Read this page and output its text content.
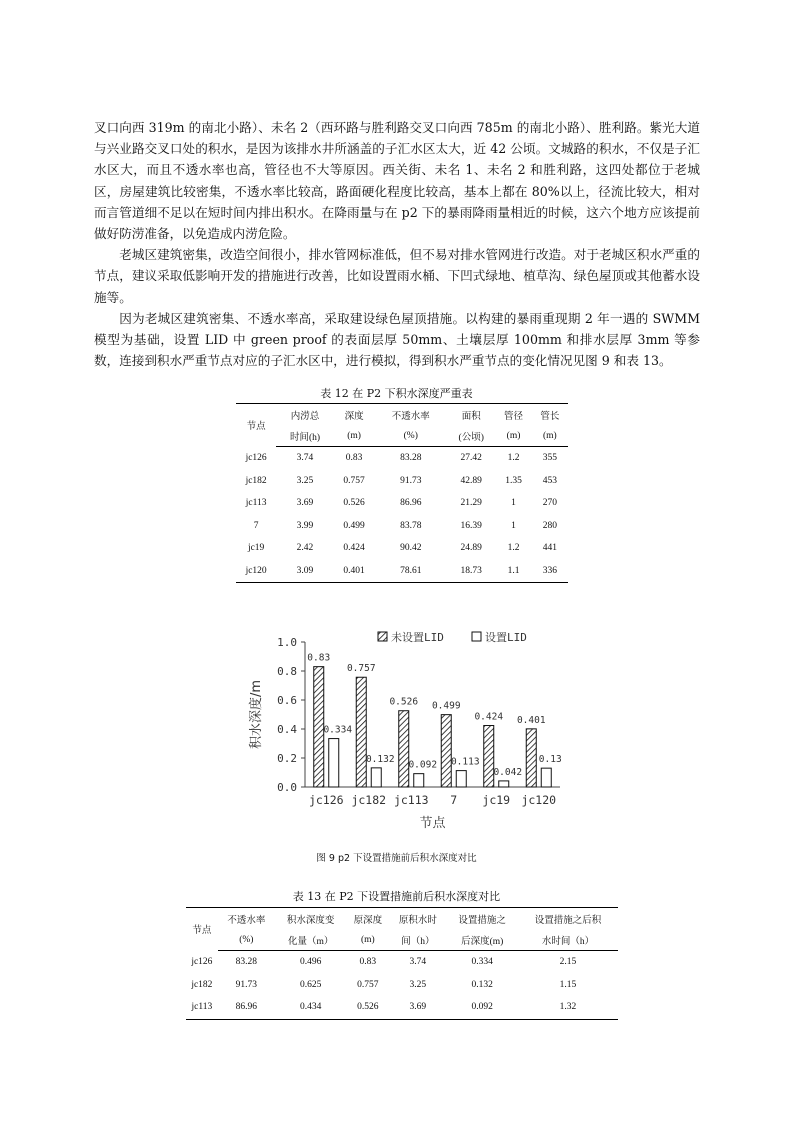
叉口向西 319m 的南北小路）、未名 2（西环路与胜利路交叉口向西 785m 的南北小路）、胜利路。紫光大道与兴业路交叉口处的积水，是因为该排水井所涵盖的子汇水区太大，近 42 公顷。文城路的积水，不仅是子汇水区大，而且不透水率也高，管径也不大等原因。西关街、未名 1、未名 2 和胜利路，这四处都位于老城区，房屋建筑比较密集，不透水率比较高，路面硬化程度比较高，基本上都在 80%以上，径流比较大，相对而言管道细不足以在短时间内排出积水。在降雨量与在 p2 下的暴雨降雨量相近的时候，这六个地方应该提前做好防涝准备，以免造成内涝危险。

老城区建筑密集，改造空间很小，排水管网标准低，但不易对排水管网进行改造。对于老城区积水严重的节点，建议采取低影响开发的措施进行改善，比如设置雨水桶、下凹式绿地、植草沟、绿色屋顶或其他蓄水设施等。

因为老城区建筑密集、不透水率高，采取建设绿色屋顶措施。以构建的暴雨重现期 2 年一遇的 SWMM 模型为基础，设置 LID 中 green proof 的表面层厚 50mm、土壤层厚 100mm 和排水层厚 3mm 等参数，连接到积水严重节点对应的子汇水区中，进行模拟，得到积水严重节点的变化情况见图 9 和表 13。

表 12 在 P2 下积水深度严重表
节点	内涝总	深度	不透水率	面积	管径	管长
	时间(h)	(m)	(%)	(公顷)	(m)	(m)
jc126	3.74	0.83	83.28	27.42	1.2	355
jc182	3.25	0.757	91.73	42.89	1.35	453
jc113	3.69	0.526	86.96	21.29	1	270
7	3.99	0.499	83.78	16.39	1	280
jc19	2.42	0.424	90.42	24.89	1.2	441
jc120	3.09	0.401	78.61	18.73	1.1	336
0.0
0.2
0.4
0.6
0.8
1.0
0.83
0.334
jc126
0.757
0.132
jc182
0.526
0.092
jc113
0.499
0.113
7
0.424
0.042
jc19
0.401
0.13
jc120
未设置LID	设置LID
节点
积水深度/m
图 9 p2 下设置措施前后积水深度对比
表 13 在 P2 下设置措施前后积水深度对比
节点	不透水率	积水深度变	原深度	原积水时	设置措施之	设置措施之后积
	(%)	化量（m）	(m)	间（h）	后深度(m)	水时间（h）
jc126	83.28	0.496	0.83	3.74	0.334	2.15
jc182	91.73	0.625	0.757	3.25	0.132	1.15
jc113	86.96	0.434	0.526	3.69	0.092	1.32
